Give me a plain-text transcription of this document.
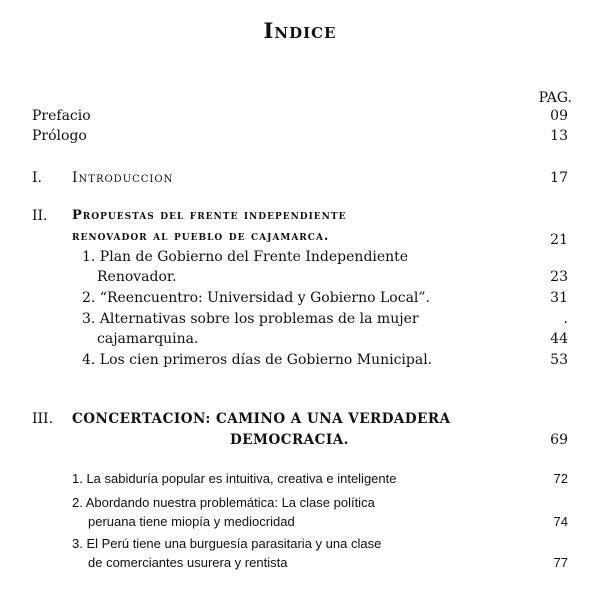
Indice
PAG.
Prefacio	09
Prólogo	13
I. Introduccion	17
II. Propuestas del frente independiente
renovador al pueblo de cajamarca.	21
1. Plan de Gobierno del Frente Independiente
Renovador.	23
2. “Reencuentro: Universidad y Gobierno Local”.	31
3. Alternativas sobre los problemas de la mujer	.
cajamarquina.	44
4. Los cien primeros días de Gobierno Municipal.	53
III. CONCERTACION: CAMINO A UNA VERDADERA
DEMOCRACIA.	69
1. La sabiduría popular es intuitiva, creativa e inteligente	72
2. Abordando nuestra problemática: La clase política
peruana tiene miopía y mediocridad	74
3. El Perú tiene una burguesía parasitaria y una clase
de comerciantes usurera y rentista	77
